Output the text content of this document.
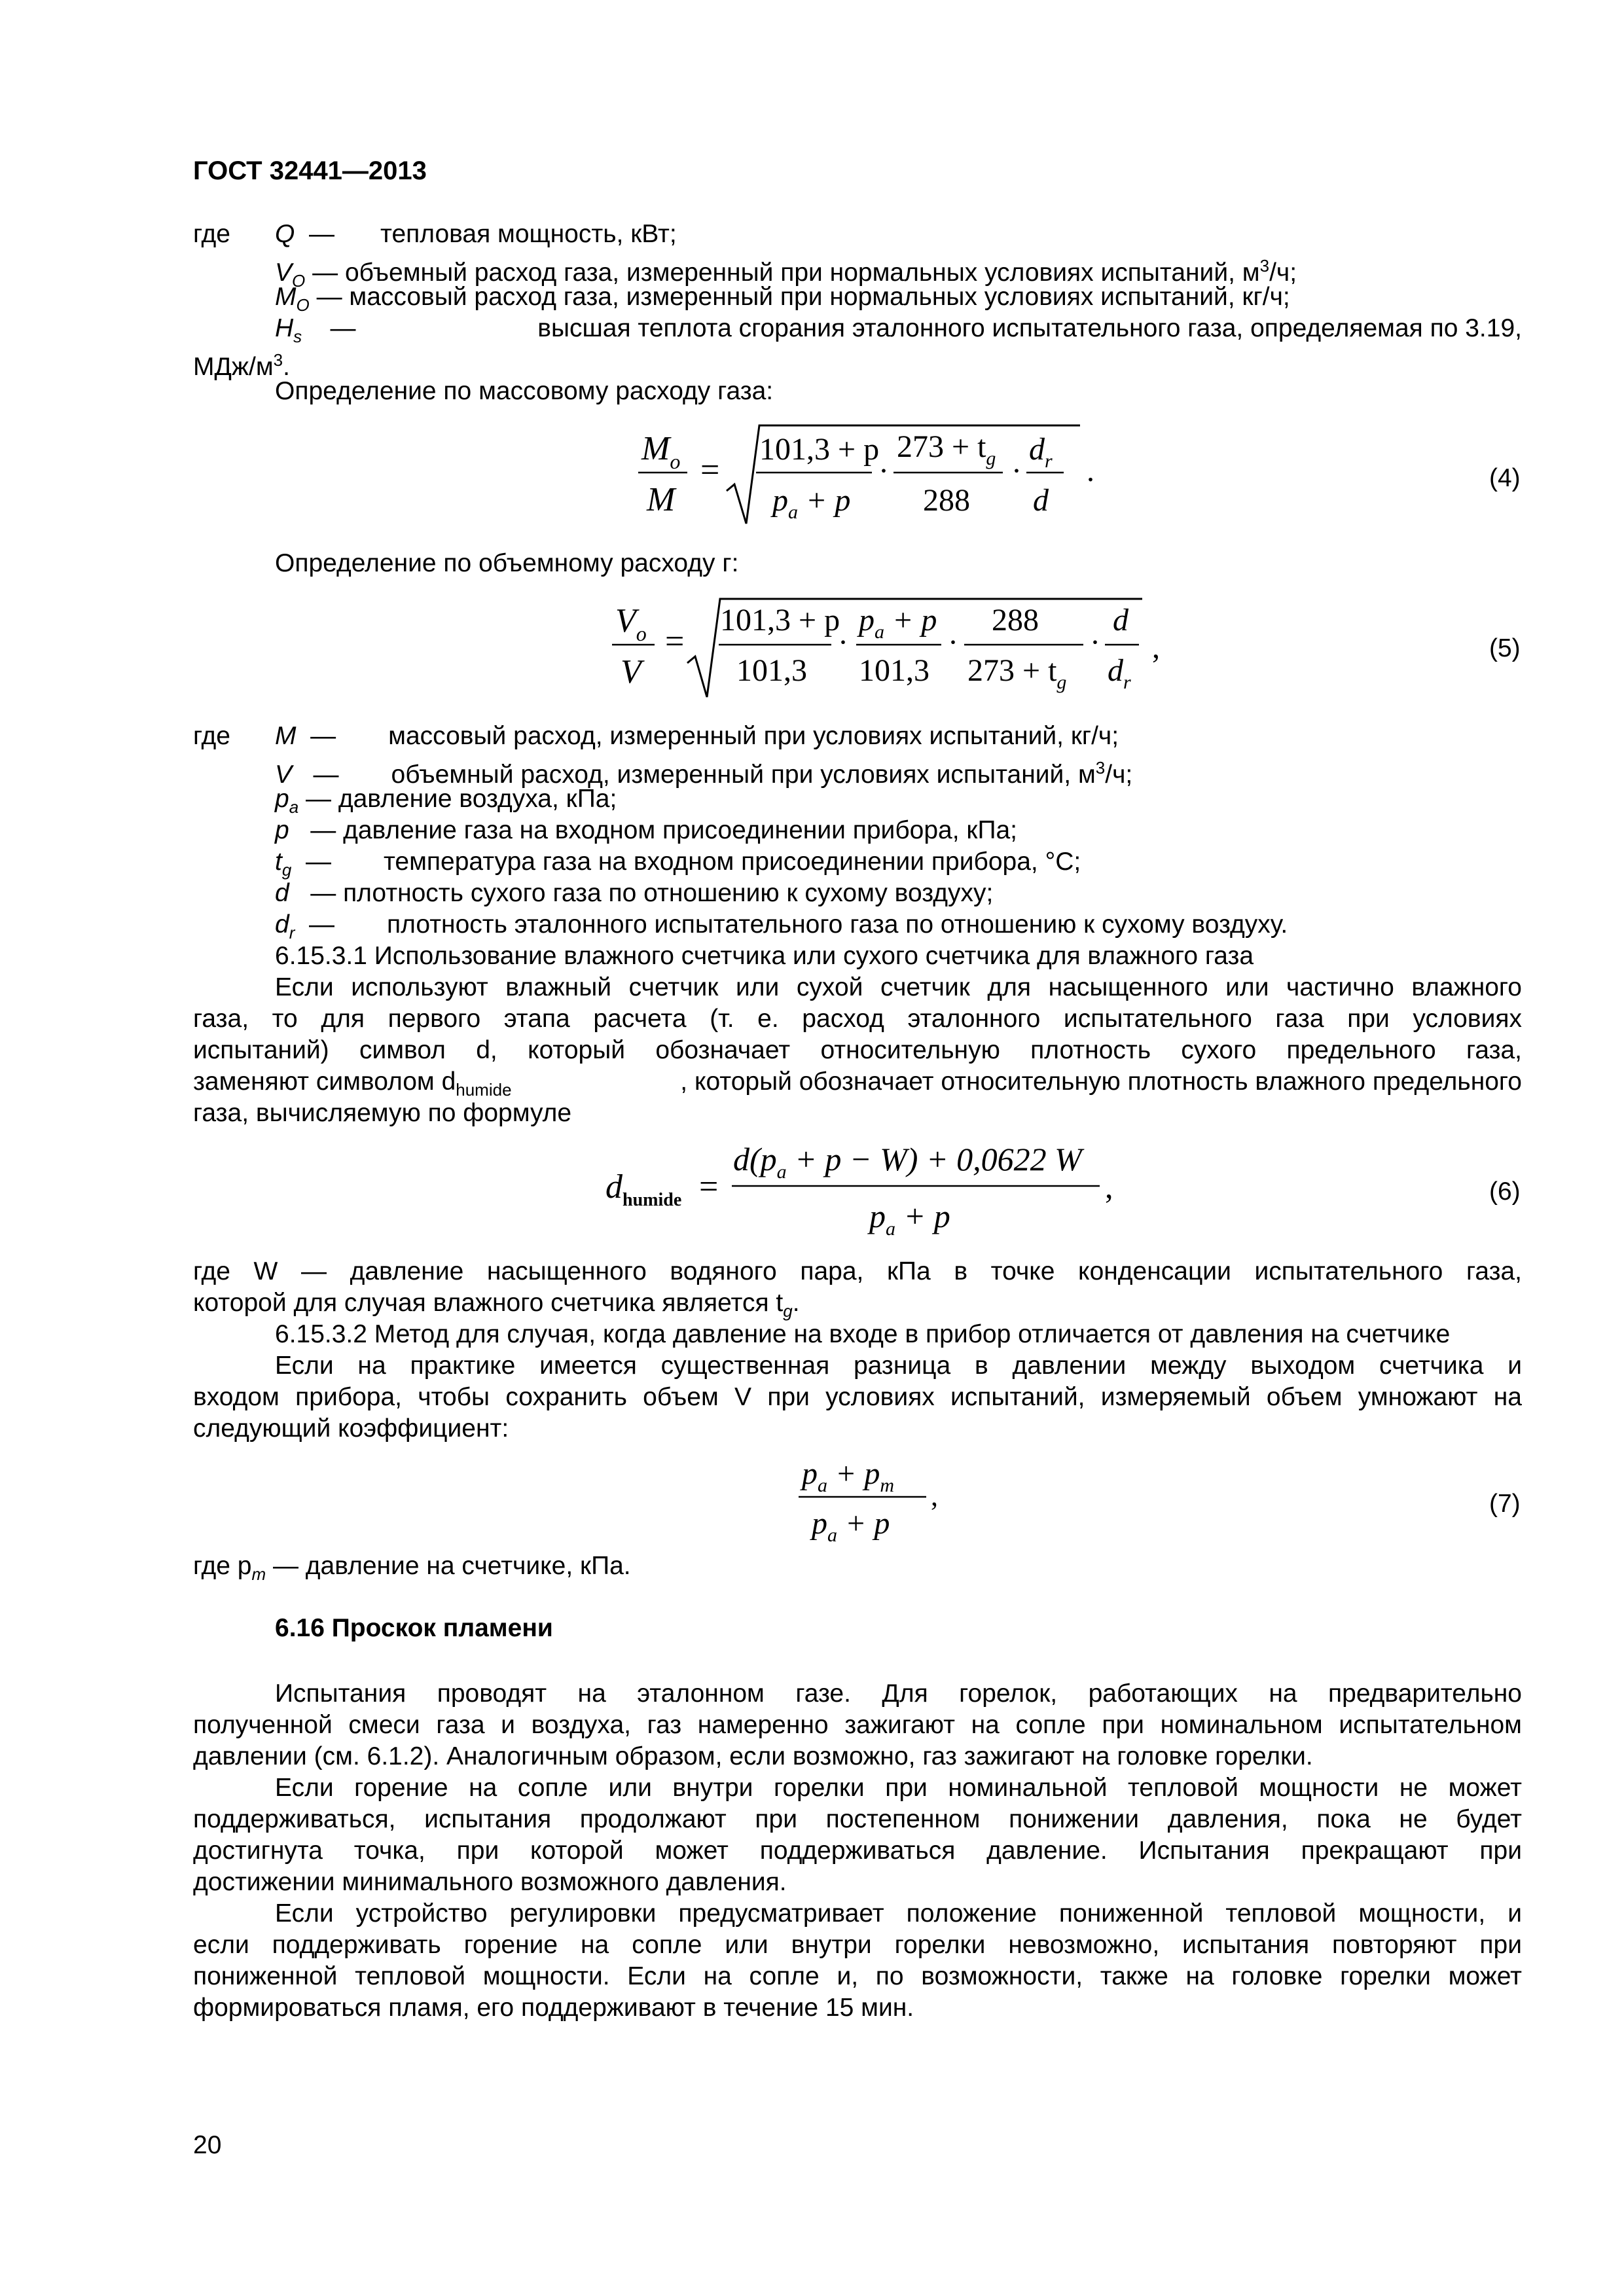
ГОСТ 32441—2013
где Q — тепловая мощность, кВт;
$V_O$ — объемный расход газа, измеренный при нормальных условиях испытаний, $м^3/ч$;
$M_O$ — массовый расход газа, измеренный при нормальных условиях испытаний, кг/ч;
$H_s$ —	высшая теплота сгорания эталонного испытательного газа, определяемая по 3.19,
МДж/$м^3$.
Определение по массовому расходу газа:
$M_o$
M
=
101,3 + p
$p_a + p$
·
$273 + t_g$
288
·
$d_r$
d
.	(4)
Определение по объемному расходу г:
$V_o$
V
=
101,3 + p
101,3
·
$p_a + p$
101,3
·
288
$273 + t_g$
·
d
$d_r$
,	(5)
где M — массовый расход, измеренный при условиях испытаний, кг/ч;
V — объемный расход, измеренный при условиях испытаний, $м^3/ч$;
$p_a$ — давление воздуха, кПа;
p — давление газа на входном присоединении прибора, кПа;
$t_g$ — температура газа на входном присоединении прибора, °С;
d — плотность сухого газа по отношению к сухому воздуху;
$d_r$ — плотность эталонного испытательного газа по отношению к сухому воздуху.
6.15.3.1 Использование влажного счетчика или сухого счетчика для влажного газа
Если используют влажный счетчик или сухой счетчик для насыщенного или частично влажного
газа, то для первого этапа расчета (т. е. расход эталонного испытательного газа при условиях
испытаний) символ d, который обозначает относительную плотность сухого предельного газа,
заменяют символом $d_{humide}$	, который обозначает относительную плотность влажного предельного
газа, вычисляемую по формуле
$d_{humide}$ =
$d(p_a + p - W) + 0,0622$ W
$p_a + p$
,	(6)
где W — давление насыщенного водяного пара, кПа в точке конденсации испытательного газа,
которой для случая влажного счетчика является $t_g$.
6.15.3.2 Метод для случая, когда давление на входе в прибор отличается от давления на счетчике
Если на практике имеется существенная разница в давлении между выходом счетчика и
входом прибора, чтобы сохранить объем V при условиях испытаний, измеряемый объем умножают на
следующий коэффициент:
$p_a + p_m$
$p_a + p$
,	(7)
где $p_m$ — давление на счетчике, кПа.
6.16 Проскок пламени
Испытания проводят на эталонном газе. Для горелок, работающих на предварительно
полученной смеси газа и воздуха, газ намеренно зажигают на сопле при номинальном испытательном
давлении (см. 6.1.2). Аналогичным образом, если возможно, газ зажигают на головке горелки.
Если горение на сопле или внутри горелки при номинальной тепловой мощности не может
поддерживаться, испытания продолжают при постепенном понижении давления, пока не будет
достигнута точка, при которой может поддерживаться давление. Испытания прекращают при
достижении минимального возможного давления.
Если устройство регулировки предусматривает положение пониженной тепловой мощности, и
если поддерживать горение на сопле или внутри горелки невозможно, испытания повторяют при
пониженной тепловой мощности. Если на сопле и, по возможности, также на головке горелки может
формироваться пламя, его поддерживают в течение 15 мин.
20
